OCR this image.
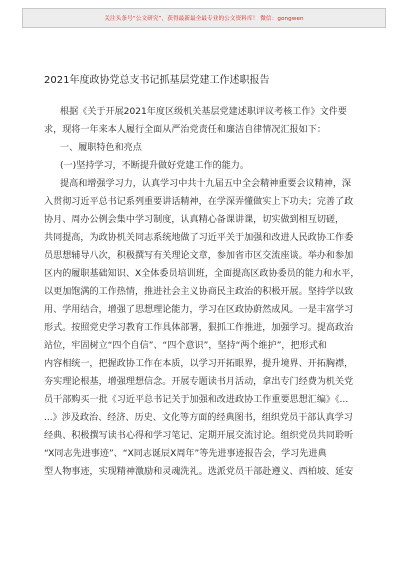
关注头条号“公文研究”，获得最新最全最专业的公文资料库！ 微信：gongwen
2021年度政协党总支书记抓基层党建工作述职报告
根据《关于开展2021年度区级机关基层党建述职评议考核工作》文件要
求，现将一年来本人履行全面从严治党责任和廉洁自律情况汇报如下：
一、履职特色和亮点
(一)坚持学习，不断提升做好党建工作的能力。
提高和增强学习力，认真学习中共十九届五中全会精神重要会议精神，深
入贯彻习近平总书记系列重要讲话精神，在学深弄懂做实上下功夫；完善了政
协月、周办公例会集中学习制度，认真精心备课讲课，切实做到相互切磋，
共同提高，为政协机关同志系统地做了习近平关于加强和改进人民政协工作委
员思想辅导八次，积极撰写有关理论文章，参加省市区交流座谈。举办和参加
区内的履职基础知识、X全体委员培训班，全面提高区政协委员的能力和水平，
以更加饱满的工作热情，推进社会主义协商民主政治的积极开展。坚持学以致
用、学用结合，增强了思想理论能力，学习在区政协蔚然成风。一是丰富学习
形式。按照党史学习教育工作具体部署，狠抓工作推进，加强学习。提高政治
站位，牢固树立“四个自信”、“四个意识”，坚持“两个维护”，把形式和
内容相统一，把握政协工作在本质，以学习开拓眼界，提升境界、开拓胸襟，
夯实理论根基，增强理想信念。开展专题读书月活动，拿出专门经费为机关党
员干部购买一批《习近平总书记关于加强和改进政协工作重要思想汇编》《...
...》涉及政治、经济、历史、文化等方面的经典图书，组织党员干部认真学习
经典、积极撰写读书心得和学习笔记、定期开展交流讨论。组织党员共同聆听
“X同志先进事迹”、“X同志诞辰X周年”等先进事迹报告会，学习先进典
型人物事迹，实现精神激励和灵魂洗礼。选派党员干部赴遵义、西柏坡、延安
